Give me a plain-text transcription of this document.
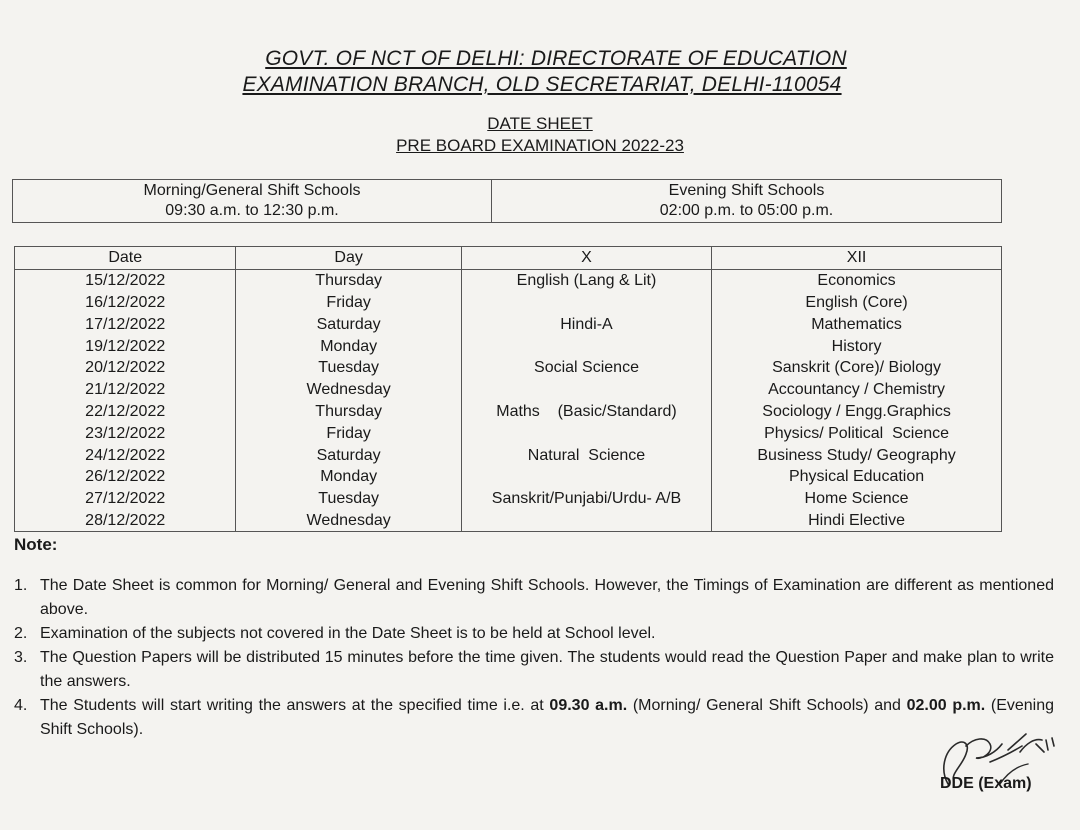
GOVT. OF NCT OF DELHI: DIRECTORATE OF EDUCATION
EXAMINATION BRANCH, OLD SECRETARIAT, DELHI-110054
DATE SHEET
PRE BOARD EXAMINATION 2022-23
Morning/General Shift Schools
09:30 a.m. to 12:30 p.m.

Evening Shift Schools
02:00 p.m. to 05:00 p.m.
Date	Day	X	XII
15/12/2022	Thursday	English (Lang & Lit)	Economics
16/12/2022	Friday		English (Core)
17/12/2022	Saturday	Hindi-A	Mathematics
19/12/2022	Monday		History
20/12/2022	Tuesday	Social Science	Sanskrit (Core)/ Biology
21/12/2022	Wednesday		Accountancy / Chemistry
22/12/2022	Thursday	Maths    (Basic/Standard)	Sociology / Engg.Graphics
23/12/2022	Friday		Physics/ Political  Science
24/12/2022	Saturday	Natural  Science	Business Study/ Geography
26/12/2022	Monday		Physical Education
27/12/2022	Tuesday	Sanskrit/Punjabi/Urdu- A/B	Home Science
28/12/2022	Wednesday		Hindi Elective
Note:
1. The Date Sheet is common for Morning/ General and Evening Shift Schools. However, the Timings of Examination are different as mentioned above.
2. Examination of the subjects not covered in the Date Sheet is to be held at School level.
3. The Question Papers will be distributed 15 minutes before the time given. The students would read the Question Paper and make plan to write the answers.
4. The Students will start writing the answers at the specified time i.e. at 09.30 a.m. (Morning/ General Shift Schools) and 02.00 p.m. (Evening Shift Schools).
DDE (Exam)
